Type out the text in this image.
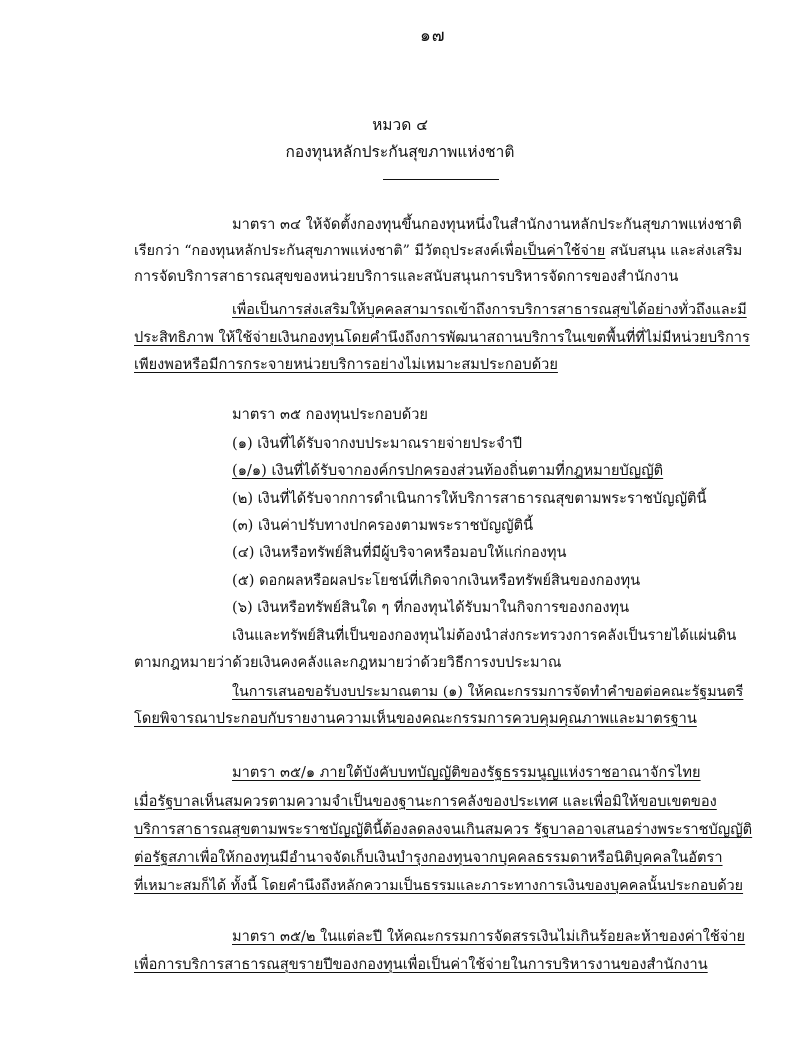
๑๗
หมวด ๔
กองทุนหลักประกันสุขภาพแห่งชาติ
มาตรา ๓๔ ให้จัดตั้งกองทุนขึ้นกองทุนหนึ่งในสำนักงานหลักประกันสุขภาพแห่งชาติ
เรียกว่า “กองทุนหลักประกันสุขภาพแห่งชาติ” มีวัตถุประสงค์เพื่อเป็นค่าใช้จ่าย สนับสนุน และส่งเสริม
การจัดบริการสาธารณสุขของหน่วยบริการและสนับสนุนการบริหารจัดการของสำนักงาน
เพื่อเป็นการส่งเสริมให้บุคคลสามารถเข้าถึงการบริการสาธารณสุขได้อย่างทั่วถึงและมี
ประสิทธิภาพ ให้ใช้จ่ายเงินกองทุนโดยคำนึงถึงการพัฒนาสถานบริการในเขตพื้นที่ที่ไม่มีหน่วยบริการ
เพียงพอหรือมีการกระจายหน่วยบริการอย่างไม่เหมาะสมประกอบด้วย
มาตรา ๓๕ กองทุนประกอบด้วย
(๑) เงินที่ได้รับจากงบประมาณรายจ่ายประจำปี
(๑/๑) เงินที่ได้รับจากองค์กรปกครองส่วนท้องถิ่นตามที่กฎหมายบัญญัติ
(๒) เงินที่ได้รับจากการดำเนินการให้บริการสาธารณสุขตามพระราชบัญญัตินี้
(๓) เงินค่าปรับทางปกครองตามพระราชบัญญัตินี้
(๔) เงินหรือทรัพย์สินที่มีผู้บริจาคหรือมอบให้แก่กองทุน
(๕) ดอกผลหรือผลประโยชน์ที่เกิดจากเงินหรือทรัพย์สินของกองทุน
(๖) เงินหรือทรัพย์สินใด ๆ ที่กองทุนได้รับมาในกิจการของกองทุน
เงินและทรัพย์สินที่เป็นของกองทุนไม่ต้องนำส่งกระทรวงการคลังเป็นรายได้แผ่นดิน
ตามกฎหมายว่าด้วยเงินคงคลังและกฎหมายว่าด้วยวิธีการงบประมาณ
ในการเสนอขอรับงบประมาณตาม (๑) ให้คณะกรรมการจัดทำคำขอต่อคณะรัฐมนตรี
โดยพิจารณาประกอบกับรายงานความเห็นของคณะกรรมการควบคุมคุณภาพและมาตรฐาน
มาตรา ๓๕/๑ ภายใต้บังคับบทบัญญัติของรัฐธรรมนูญแห่งราชอาณาจักรไทย
เมื่อรัฐบาลเห็นสมควรตามความจำเป็นของฐานะการคลังของประเทศ และเพื่อมิให้ขอบเขตของ
บริการสาธารณสุขตามพระราชบัญญัตินี้ต้องลดลงจนเกินสมควร รัฐบาลอาจเสนอร่างพระราชบัญญัติ
ต่อรัฐสภาเพื่อให้กองทุนมีอำนาจจัดเก็บเงินบำรุงกองทุนจากบุคคลธรรมดาหรือนิติบุคคลในอัตรา
ที่เหมาะสมก็ได้ ทั้งนี้ โดยคำนึงถึงหลักความเป็นธรรมและภาระทางการเงินของบุคคลนั้นประกอบด้วย
มาตรา ๓๕/๒ ในแต่ละปี ให้คณะกรรมการจัดสรรเงินไม่เกินร้อยละห้าของค่าใช้จ่าย
เพื่อการบริการสาธารณสุขรายปีของกองทุนเพื่อเป็นค่าใช้จ่ายในการบริหารงานของสำนักงาน
